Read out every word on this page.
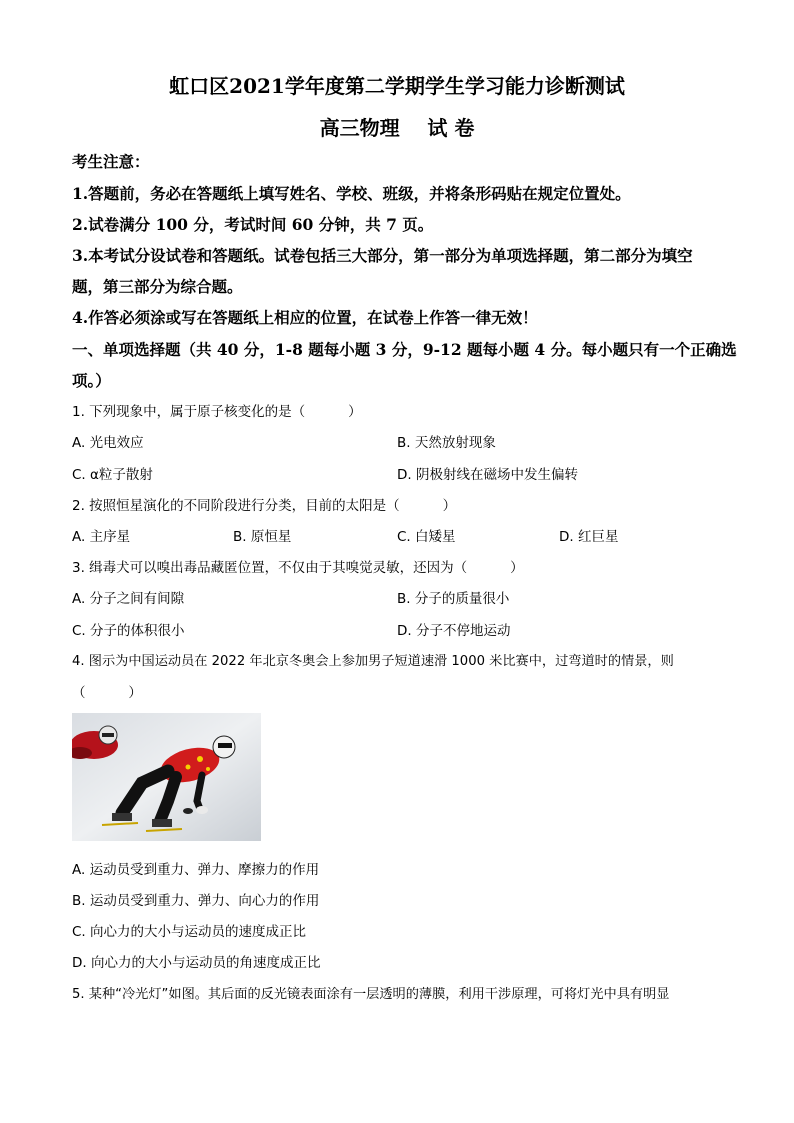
虹口区2021学年度第二学期学生学习能力诊断测试
高三物理    试 卷
考生注意：
1.答题前，务必在答题纸上填写姓名、学校、班级，并将条形码贴在规定位置处。
2.试卷满分 100 分，考试时间 60 分钟，共 7 页。
3.本考试分设试卷和答题纸。试卷包括三大部分，第一部分为单项选择题，第二部分为填空
题，第三部分为综合题。
4.作答必须涂或写在答题纸上相应的位置，在试卷上作答一律无效！
一、单项选择题（共 40 分，1-8 题每小题 3 分，9-12 题每小题 4 分。每小题只有一个正确选
项。）
1. 下列现象中，属于原子核变化的是（          ）
A. 光电效应	B. 天然放射现象
C. α粒子散射	D. 阴极射线在磁场中发生偏转
2. 按照恒星演化的不同阶段进行分类，目前的太阳是（          ）
A. 主序星	B. 原恒星	C. 白矮星	D. 红巨星
3. 缉毒犬可以嗅出毒品藏匿位置，不仅由于其嗅觉灵敏，还因为（          ）
A. 分子之间有间隙	B. 分子的质量很小
C. 分子的体积很小	D. 分子不停地运动
4. 图示为中国运动员在 2022 年北京冬奥会上参加男子短道速滑 1000 米比赛中，过弯道时的情景，则
（          ）
A. 运动员受到重力、弹力、摩擦力的作用
B. 运动员受到重力、弹力、向心力的作用
C. 向心力的大小与运动员的速度成正比
D. 向心力的大小与运动员的角速度成正比
5. 某种“冷光灯”如图。其后面的反光镜表面涂有一层透明的薄膜，利用干涉原理，可将灯光中具有明显
